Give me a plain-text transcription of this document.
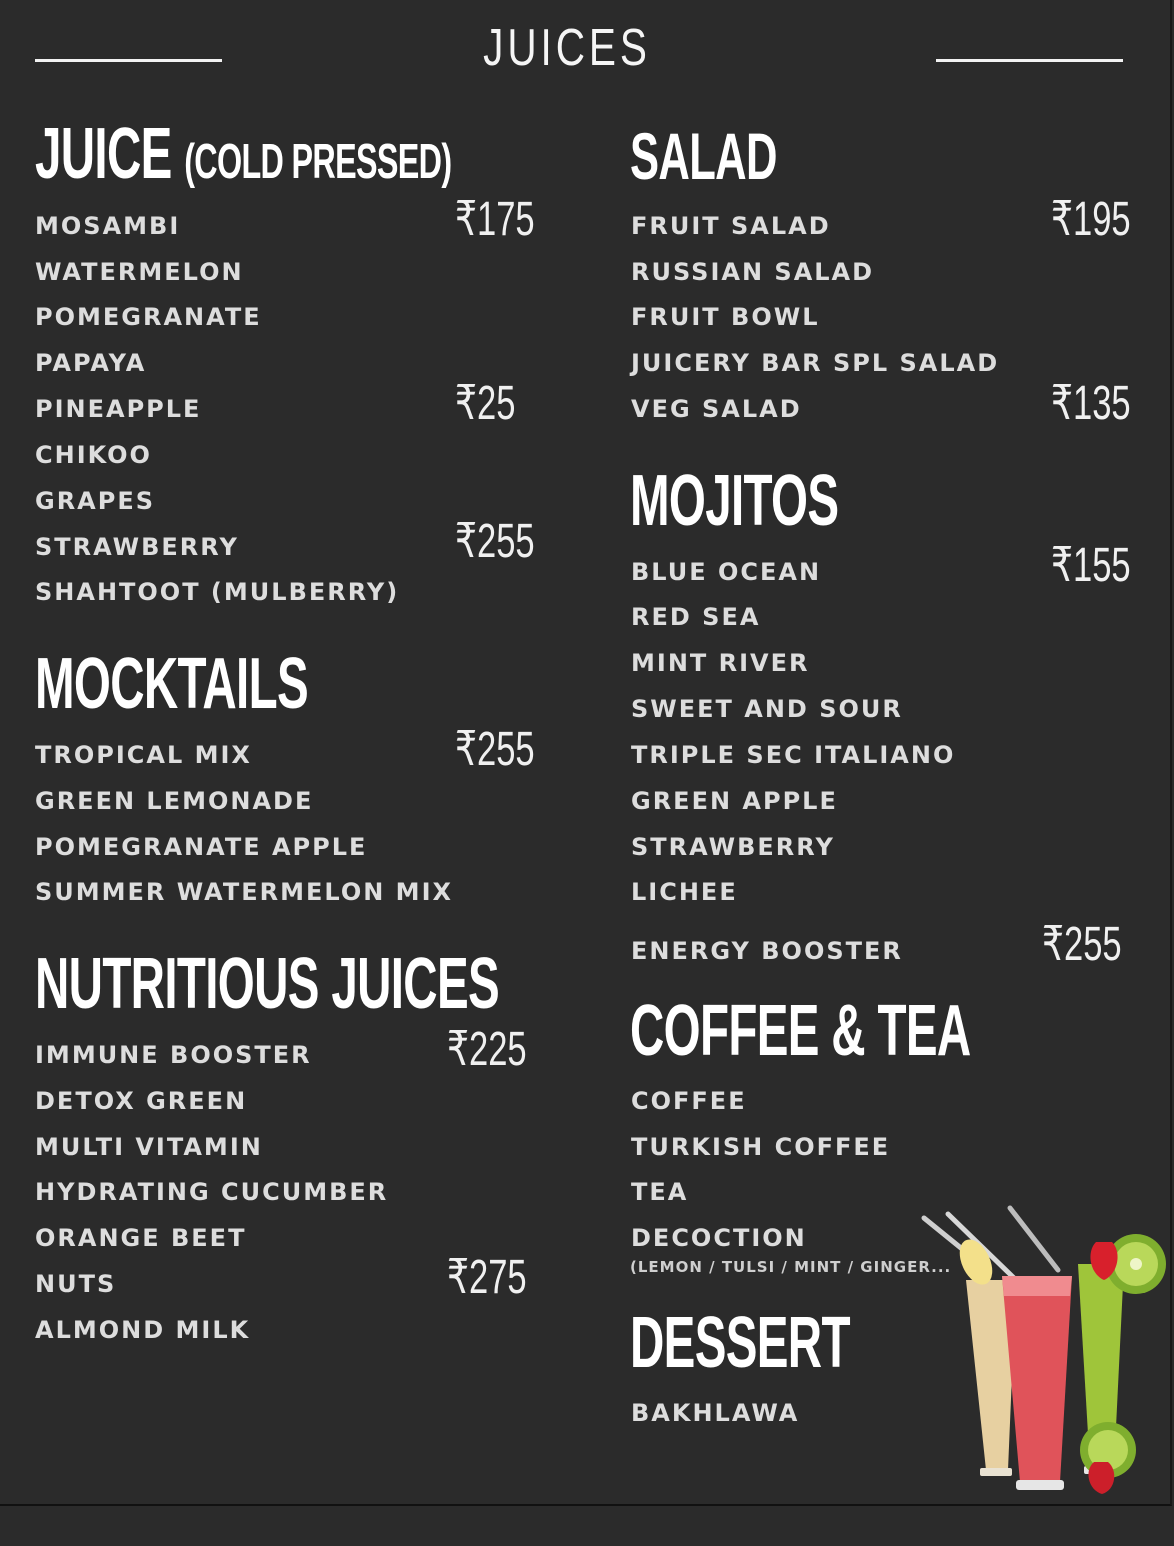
JUICES
JUICE (COLD PRESSED)
MOSAMBI
WATERMELON
POMEGRANATE
PAPAYA
PINEAPPLE
CHIKOO
GRAPES
STRAWBERRY
SHAHTOOT (MULBERRY)
₹175
₹25
₹255
MOCKTAILS
TROPICAL MIX
GREEN LEMONADE
POMEGRANATE APPLE
SUMMER WATERMELON MIX
₹255
NUTRITIOUS JUICES
IMMUNE BOOSTER
DETOX GREEN
MULTI VITAMIN
HYDRATING CUCUMBER
ORANGE BEET
NUTS
ALMOND MILK
₹225
₹275
SALAD
FRUIT SALAD
RUSSIAN SALAD
FRUIT BOWL
JUICERY BAR SPL SALAD
VEG SALAD
₹195
₹135
MOJITOS
BLUE OCEAN
RED SEA
MINT RIVER
SWEET AND SOUR
TRIPLE SEC ITALIANO
GREEN APPLE
STRAWBERRY
LICHEE
ENERGY BOOSTER
₹155
₹255
COFFEE & TEA
COFFEE
TURKISH COFFEE
TEA
DECOCTION
(LEMON / TULSI / MINT / GINGER...
DESSERT
BAKHLAWA
